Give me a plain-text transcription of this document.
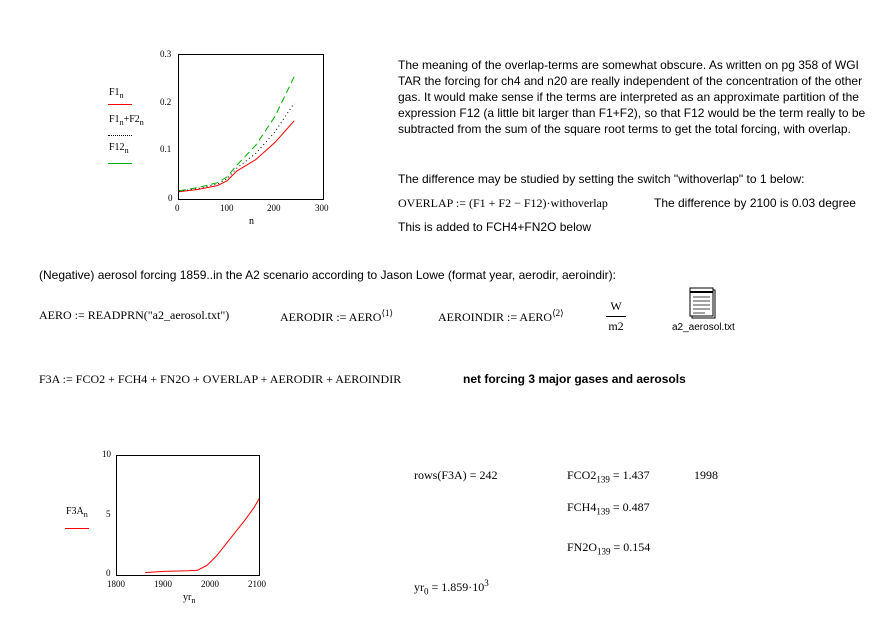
$F1_n$
$F1_n+F2_n$
$F12_n$
0.3
0.2
0.1
0
0	100	200	300
n
The meaning of the overlap-terms are somewhat obscure. As written on pg 358 of WGI TAR the forcing for ch4 and n20 are really independent of the concentration of the other gas. It would make sense if the terms are interpreted as an approximate partition of the expression F12 (a little bit larger than F1+F2), so that F12 would be the term really to be subtracted from the sum of the square root terms to get the total forcing, with overlap.
The difference may be studied by setting the switch "withoverlap" to 1 below:
OVERLAP := (F1 + F2 − F12)·withoverlap	The difference by 2100 is 0.03 degree
This is added to FCH4+FN2O below
(Negative) aerosol forcing 1859..in the A2 scenario according to Jason Lowe (format year, aerodir, aeroindir):
AERO := READPRN("a2_aerosol.txt")	AERODIR := $AERO^{⟨1⟩}$	AEROINDIR := $AERO^{⟨2⟩}$	W
m2	a2_aerosol.txt
F3A := FCO2 + FCH4 + FN2O + OVERLAP + AERODIR + AEROINDIR	net forcing 3 major gases and aerosols
$F3A_n$
10
5
0
1800	1900	2000	2100
$yr_n$
rows(F3A) = 242	$FCO2_{139} = 1.437$	1998
$FCH4_{139} = 0.487$
$FN2O_{139} = 0.154$
$yr_0 = 1.859\cdot 10^3$
